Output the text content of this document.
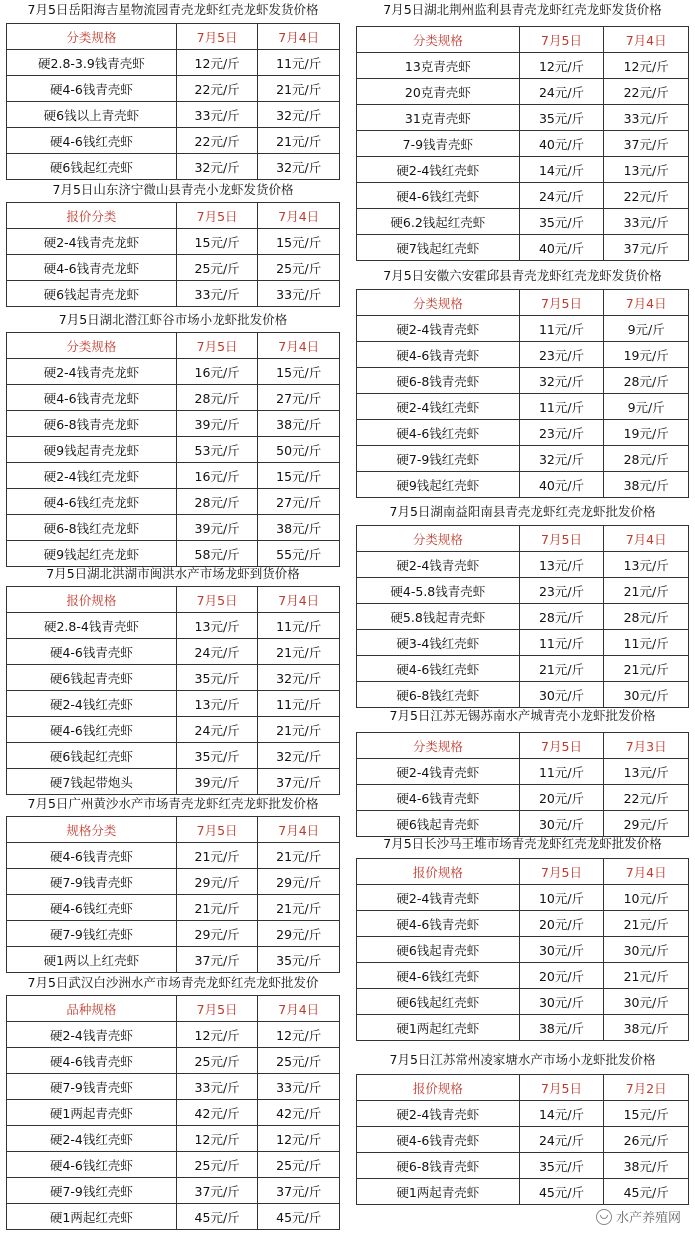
7月5日岳阳海吉星物流园青壳龙虾红壳龙虾发货价格
分类规格	7月5日	7月4日
硬2.8-3.9钱青壳虾	12元/斤	11元/斤
硬4-6钱青壳虾	22元/斤	21元/斤
硬6钱以上青壳虾	33元/斤	32元/斤
硬4-6钱红壳虾	22元/斤	21元/斤
硬6钱起红壳虾	32元/斤	32元/斤
7月5日山东济宁微山县青壳小龙虾发货价格
报价分类	7月5日	7月4日
硬2-4钱青壳龙虾	15元/斤	15元/斤
硬4-6钱青壳龙虾	25元/斤	25元/斤
硬6钱起青壳龙虾	33元/斤	33元/斤
7月5日湖北潜江虾谷市场小龙虾批发价格
分类规格	7月5日	7月4日
硬2-4钱青壳龙虾	16元/斤	15元/斤
硬4-6钱青壳龙虾	28元/斤	27元/斤
硬6-8钱青壳龙虾	39元/斤	38元/斤
硬9钱起青壳龙虾	53元/斤	50元/斤
硬2-4钱红壳龙虾	16元/斤	15元/斤
硬4-6钱红壳龙虾	28元/斤	27元/斤
硬6-8钱红壳龙虾	39元/斤	38元/斤
硬9钱起红壳龙虾	58元/斤	55元/斤
7月5日湖北洪湖市闽洪水产市场龙虾到货价格
报价规格	7月5日	7月4日
硬2.8-4钱青壳虾	13元/斤	11元/斤
硬4-6钱青壳虾	24元/斤	21元/斤
硬6钱起青壳虾	35元/斤	32元/斤
硬2-4钱红壳虾	13元/斤	11元/斤
硬4-6钱红壳虾	24元/斤	21元/斤
硬6钱起红壳虾	35元/斤	32元/斤
硬7钱起带炮头	39元/斤	37元/斤
7月5日广州黄沙水产市场青壳龙虾红壳龙虾批发价格
规格分类	7月5日	7月4日
硬4-6钱青壳虾	21元/斤	21元/斤
硬7-9钱青壳虾	29元/斤	29元/斤
硬4-6钱红壳虾	21元/斤	21元/斤
硬7-9钱红壳虾	29元/斤	29元/斤
硬1两以上红壳虾	37元/斤	35元/斤
7月5日武汉白沙洲水产市场青壳龙虾红壳龙虾批发价
品种规格	7月5日	7月4日
硬2-4钱青壳虾	12元/斤	12元/斤
硬4-6钱青壳虾	25元/斤	25元/斤
硬7-9钱青壳虾	33元/斤	33元/斤
硬1两起青壳虾	42元/斤	42元/斤
硬2-4钱红壳虾	12元/斤	12元/斤
硬4-6钱红壳虾	25元/斤	25元/斤
硬7-9钱红壳虾	37元/斤	37元/斤
硬1两起红壳虾	45元/斤	45元/斤
7月5日湖北荆州监利县青壳龙虾红壳龙虾发货价格
分类规格	7月5日	7月4日
13克青壳虾	12元/斤	12元/斤
20克青壳虾	24元/斤	22元/斤
31克青壳虾	35元/斤	33元/斤
7-9钱青壳虾	40元/斤	37元/斤
硬2-4钱红壳虾	14元/斤	13元/斤
硬4-6钱红壳虾	24元/斤	22元/斤
硬6.2钱起红壳虾	35元/斤	33元/斤
硬7钱起红壳虾	40元/斤	37元/斤
7月5日安徽六安霍邱县青壳龙虾红壳龙虾发货价格
分类规格	7月5日	7月4日
硬2-4钱青壳虾	11元/斤	9元/斤
硬4-6钱青壳虾	23元/斤	19元/斤
硬6-8钱青壳虾	32元/斤	28元/斤
硬2-4钱红壳虾	11元/斤	9元/斤
硬4-6钱红壳虾	23元/斤	19元/斤
硬7-9钱红壳虾	32元/斤	28元/斤
硬9钱起红壳虾	40元/斤	38元/斤
7月5日湖南益阳南县青壳龙虾红壳龙虾批发价格
分类规格	7月5日	7月4日
硬2-4钱青壳虾	13元/斤	13元/斤
硬4-5.8钱青壳虾	23元/斤	21元/斤
硬5.8钱起青壳虾	28元/斤	28元/斤
硬3-4钱红壳虾	11元/斤	11元/斤
硬4-6钱红壳虾	21元/斤	21元/斤
硬6-8钱红壳虾	30元/斤	30元/斤
7月5日江苏无锡苏南水产城青壳小龙虾批发价格
分类规格	7月5日	7月3日
硬2-4钱青壳虾	11元/斤	13元/斤
硬4-6钱青壳虾	20元/斤	22元/斤
硬6钱起青壳虾	30元/斤	29元/斤
7月5日长沙马王堆市场青壳龙虾红壳龙虾批发价格
报价规格	7月5日	7月4日
硬2-4钱青壳虾	10元/斤	10元/斤
硬4-6钱青壳虾	20元/斤	21元/斤
硬6钱起青壳虾	30元/斤	30元/斤
硬4-6钱红壳虾	20元/斤	21元/斤
硬6钱起红壳虾	30元/斤	30元/斤
硬1两起红壳虾	38元/斤	38元/斤
7月5日江苏常州凌家塘水产市场小龙虾批发价格
报价规格	7月5日	7月2日
硬2-4钱青壳虾	14元/斤	15元/斤
硬4-6钱青壳虾	24元/斤	26元/斤
硬6-8钱青壳虾	35元/斤	38元/斤
硬1两起青壳虾	45元/斤	45元/斤
水产养殖网
